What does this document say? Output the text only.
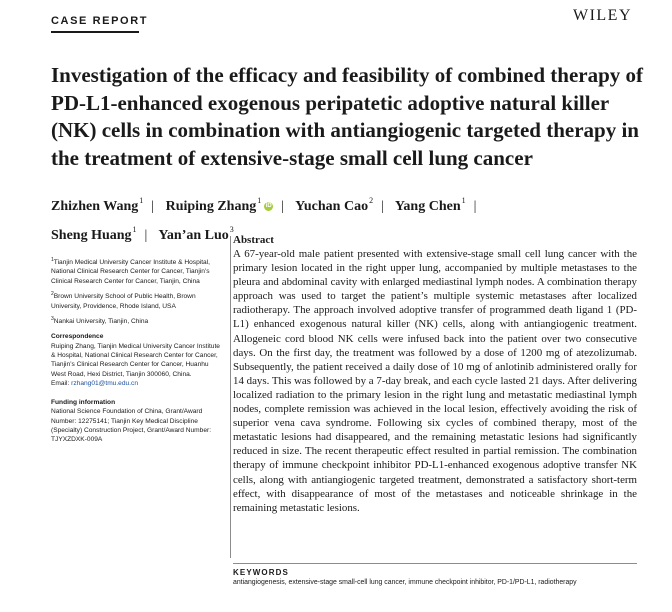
CASE REPORT	WILEY
Investigation of the efficacy and feasibility of combined therapy of PD-L1-enhanced exogenous peripatetic adoptive natural killer (NK) cells in combination with antiangiogenic targeted therapy in the treatment of extensive-stage small cell lung cancer
Zhizhen Wang$^1$ | Ruiping Zhang$^1$iD | Yuchan Cao$^2$ | Yang Chen$^1$ |
Sheng Huang$^1$ | Yan’an Luo$^3$
$^1$Tianjin Medical University Cancer Institute & Hospital, National Clinical Research Center for Cancer, Tianjin’s Clinical Research Center for Cancer, Tianjin, China
$^2$Brown University School of Public Health, Brown University, Providence, Rhode Island, USA
$^3$Nankai University, Tianjin, China
Correspondence
Ruiping Zhang, Tianjin Medical University Cancer Institute & Hospital, National Clinical Research Center for Cancer, Tianjin’s Clinical Research Center for Cancer, Huanhu West Road, Hexi District, Tianjin 300060, China.
Email: rzhang01@tmu.edu.cn
Funding information
National Science Foundation of China, Grant/Award Number: 12275141; Tianjin Key Medical Discipline (Specialty) Construction Project, Grant/Award Number: TJYXZDXK-009A
Abstract
A 67-year-old male patient presented with extensive-stage small cell lung cancer with the primary lesion located in the right upper lung, accompanied by multiple metastases to the pleura and abdominal cavity with enlarged mediastinal lymph nodes. A combination therapy approach was used to target the patient’s multiple systemic metastases after localized radiotherapy. The approach involved adoptive transfer of programmed death ligand 1 (PD-L1) enhanced exogenous natural killer (NK) cells, along with antiangiogenic treatment. Allogeneic cord blood NK cells were infused back into the patient over two consecutive days. On the first day, the treatment was followed by a dose of 1200 mg of atezolizumab. Subsequently, the patient received a daily dose of 10 mg of anlotinib administered orally for 14 days. This was followed by a 7-day break, and each cycle lasted 21 days. After delivering localized radiation to the primary lesion in the right lung and metastatic mediastinal lymph nodes, complete remission was achieved in the local lesion, effectively avoiding the risk of superior vena cava syndrome. Following six cycles of combined therapy, most of the metastatic lesions had disappeared, and the remaining metastatic lesions had significantly reduced in size. The recent therapeutic effect resulted in partial remission. The combination therapy of immune checkpoint inhibitor PD-L1-enhanced exogenous adoptive transfer NK cells, along with antiangiogenic targeted treatment, demonstrated a satisfactory short-term effect, with disappearance of most of the metastases and noticeable shrinkage in the remaining metastatic lesions.
KEYWORDS
antiangiogenesis, extensive-stage small-cell lung cancer, immune checkpoint inhibitor, PD-1/PD-L1, radiotherapy
